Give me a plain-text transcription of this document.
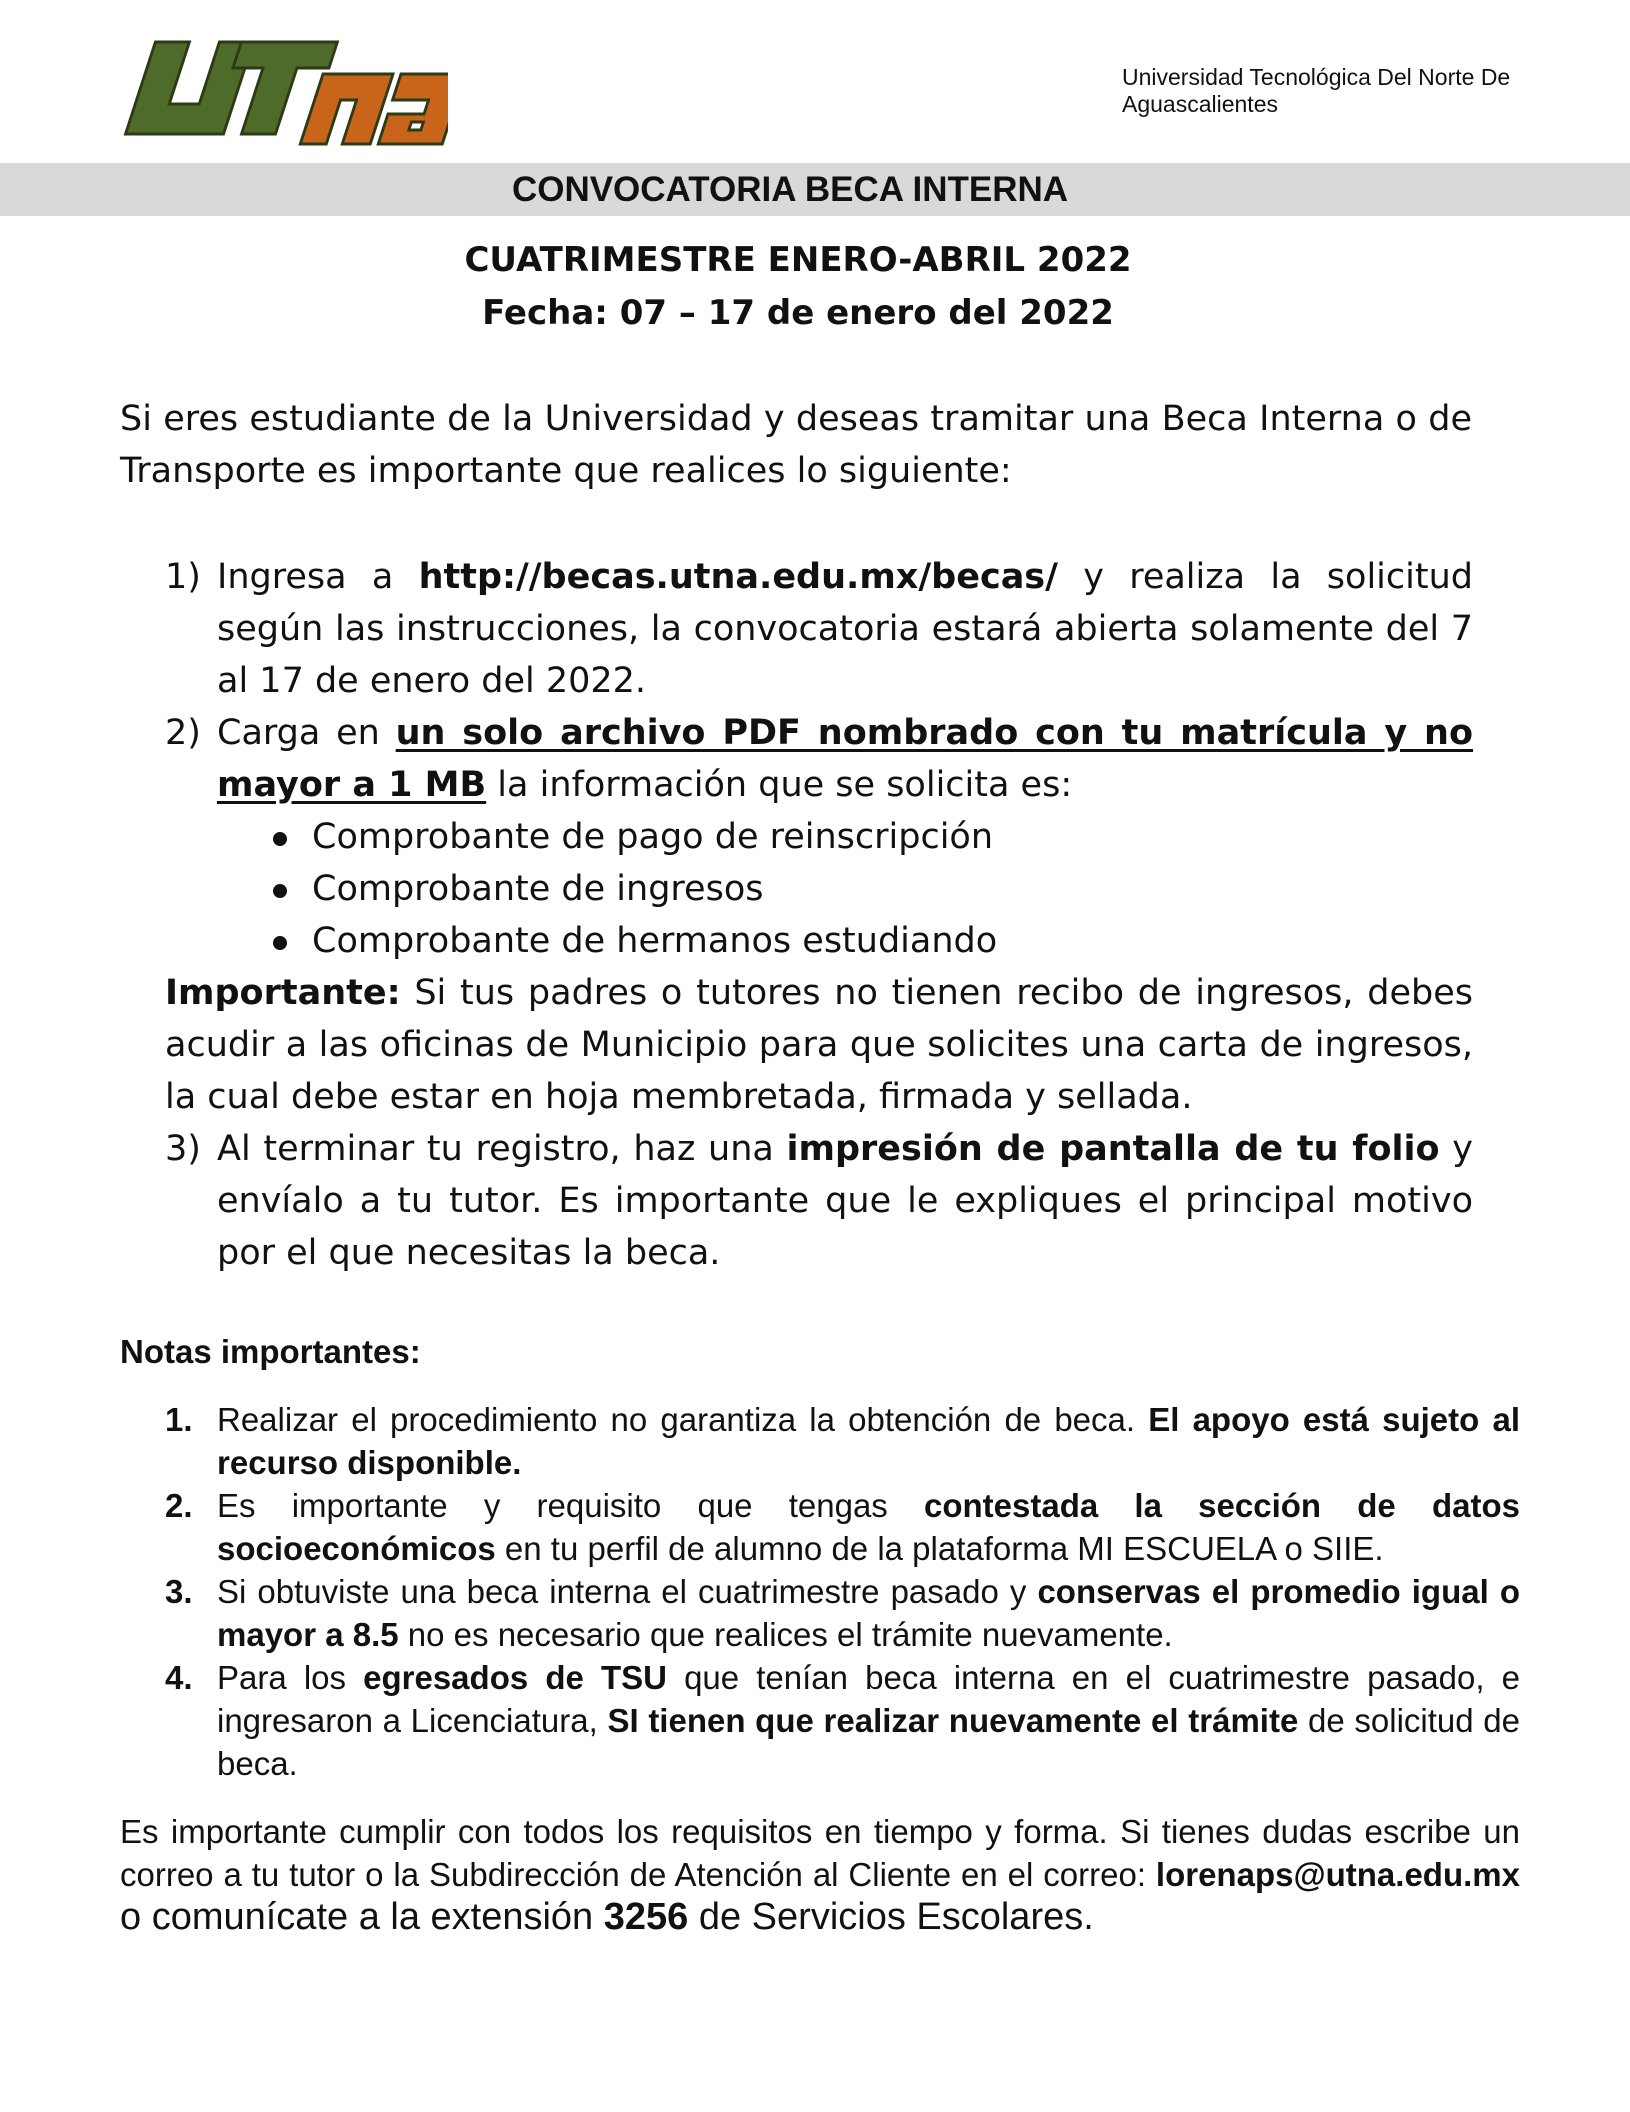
Universidad Tecnológica Del Norte De
Aguascalientes
CONVOCATORIA BECA INTERNA
CUATRIMESTRE ENERO-ABRIL 2022
Fecha: 07 – 17 de enero del 2022
Si eres estudiante de la Universidad y deseas tramitar una Beca Interna o de Transporte es importante que realices lo siguiente:
1) Ingresa a http://becas.utna.edu.mx/becas/ y realiza la solicitud según las instrucciones, la convocatoria estará abierta solamente del 7 al 17 de enero del 2022.
2) Carga en un solo archivo PDF nombrado con tu matrícula y no mayor a 1 MB la información que se solicita es:
Comprobante de pago de reinscripción
Comprobante de ingresos
Comprobante de hermanos estudiando
Importante: Si tus padres o tutores no tienen recibo de ingresos, debes acudir a las oficinas de Municipio para que solicites una carta de ingresos, la cual debe estar en hoja membretada, firmada y sellada.
3) Al terminar tu registro, haz una impresión de pantalla de tu folio y envíalo a tu tutor. Es importante que le expliques el principal motivo por el que necesitas la beca.
Notas importantes:
1. Realizar el procedimiento no garantiza la obtención de beca. El apoyo está sujeto al recurso disponible.
2. Es importante y requisito que tengas contestada la sección de datos socioeconómicos en tu perfil de alumno de la plataforma MI ESCUELA o SIIE.
3. Si obtuviste una beca interna el cuatrimestre pasado y conservas el promedio igual o mayor a 8.5 no es necesario que realices el trámite nuevamente.
4. Para los egresados de TSU que tenían beca interna en el cuatrimestre pasado, e ingresaron a Licenciatura, SI tienen que realizar nuevamente el trámite de solicitud de beca.
Es importante cumplir con todos los requisitos en tiempo y forma. Si tienes dudas escribe un correo a tu tutor o la Subdirección de Atención al Cliente en el correo: lorenaps@utna.edu.mx o comunícate a la extensión 3256 de Servicios Escolares.
